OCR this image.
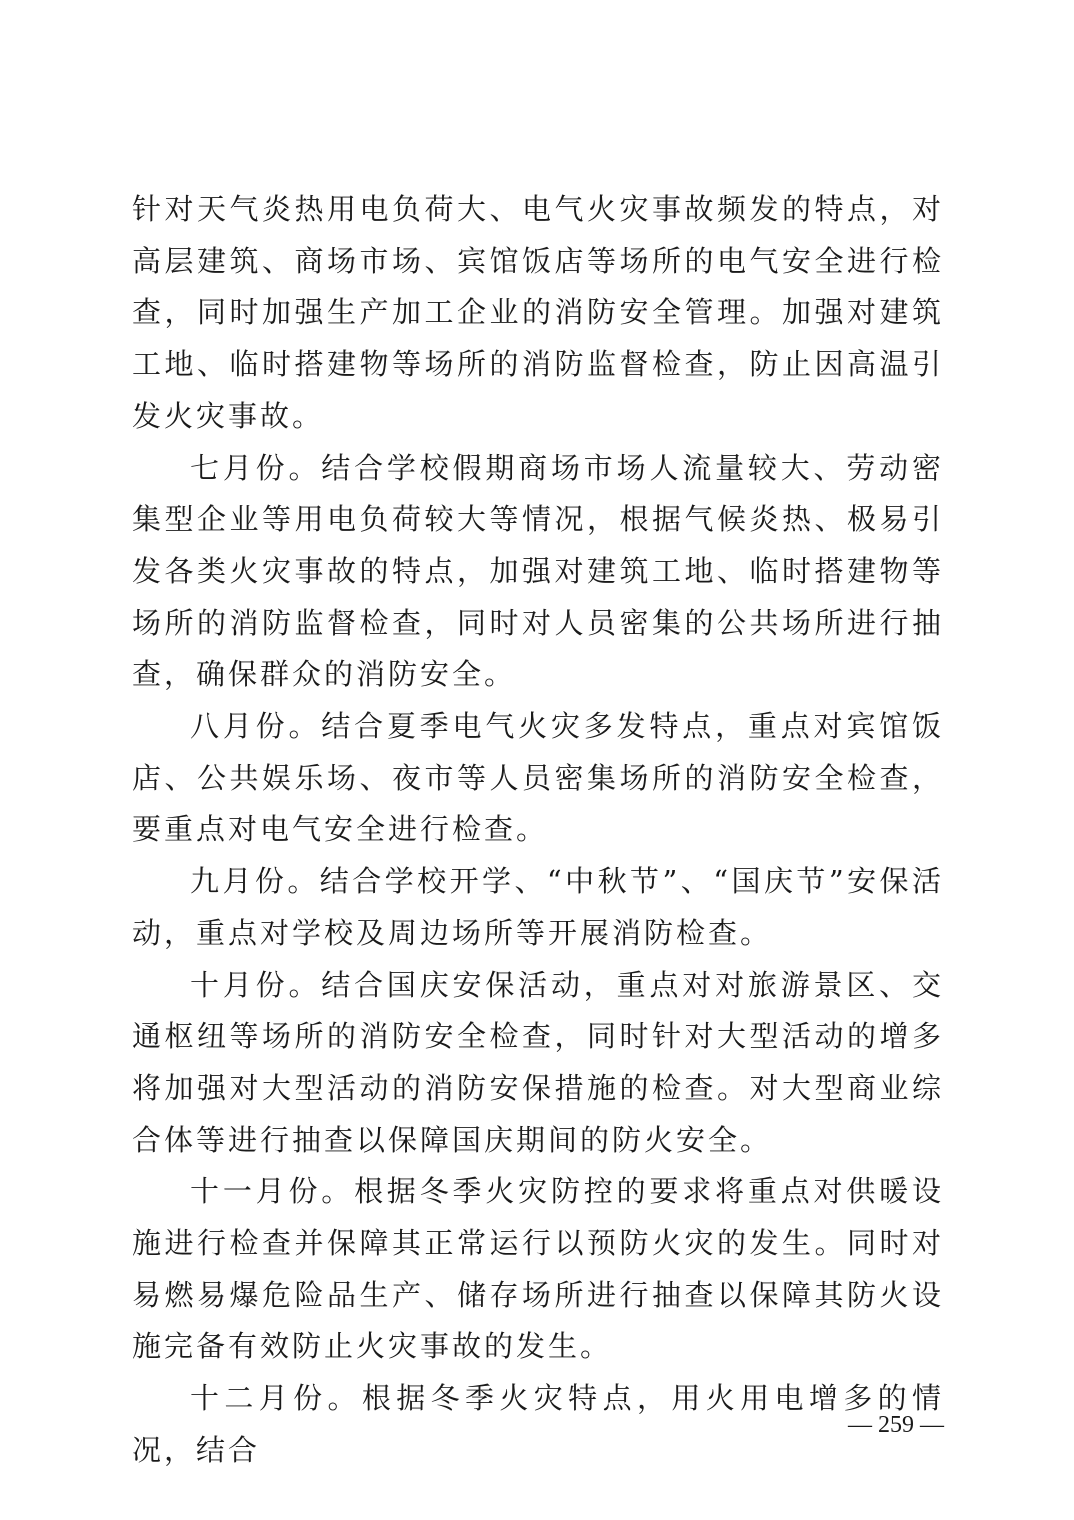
针对天气炎热用电负荷大、电气火灾事故频发的特点，对高层建筑、商场市场、宾馆饭店等场所的电气安全进行检查，同时加强生产加工企业的消防安全管理。加强对建筑工地、临时搭建物等场所的消防监督检查，防止因高温引发火灾事故。

七月份。结合学校假期商场市场人流量较大、劳动密集型企业等用电负荷较大等情况，根据气候炎热、极易引发各类火灾事故的特点，加强对建筑工地、临时搭建物等场所的消防监督检查，同时对人员密集的公共场所进行抽查，确保群众的消防安全。

八月份。结合夏季电气火灾多发特点，重点对宾馆饭店、公共娱乐场、夜市等人员密集场所的消防安全检查，要重点对电气安全进行检查。

九月份。结合学校开学、“中秋节”、“国庆节”安保活动，重点对学校及周边场所等开展消防检查。

十月份。结合国庆安保活动，重点对对旅游景区、交通枢纽等场所的消防安全检查，同时针对大型活动的增多将加强对大型活动的消防安保措施的检查。对大型商业综合体等进行抽查以保障国庆期间的防火安全。

十一月份。根据冬季火灾防控的要求将重点对供暖设施进行检查并保障其正常运行以预防火灾的发生。同时对易燃易爆危险品生产、储存场所进行抽查以保障其防火设施完备有效防止火灾事故的发生。

十二月份。根据冬季火灾特点，用火用电增多的情况，结合

— 259 —
